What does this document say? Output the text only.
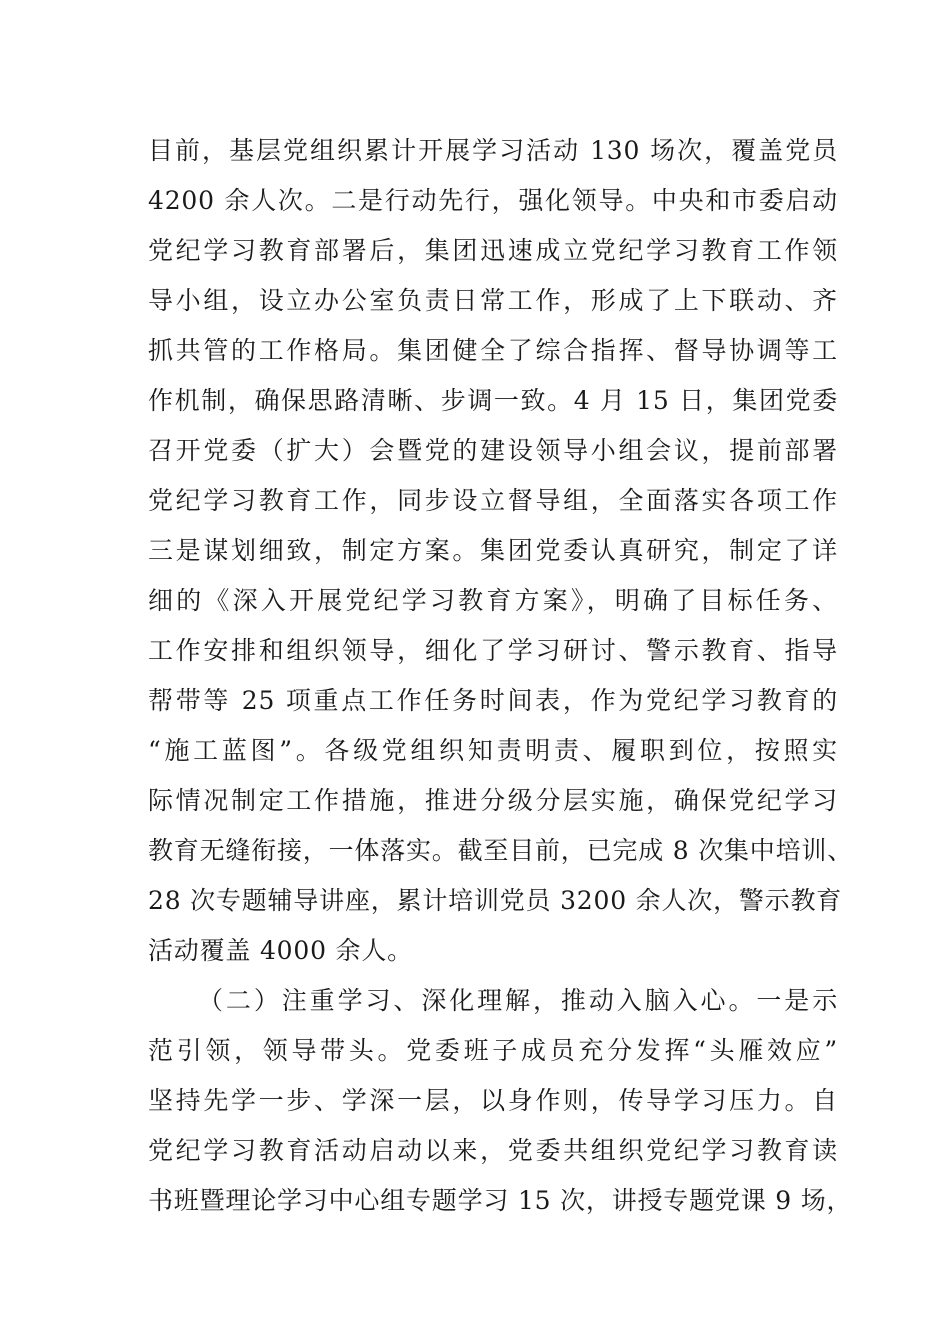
目前，基层党组织累计开展学习活动 130 场次，覆盖党员
4200 余人次。二是行动先行，强化领导。中央和市委启动
党纪学习教育部署后，集团迅速成立党纪学习教育工作领
导小组，设立办公室负责日常工作，形成了上下联动、齐
抓共管的工作格局。集团健全了综合指挥、督导协调等工
作机制，确保思路清晰、步调一致。4 月 15 日，集团党委
召开党委（扩大）会暨党的建设领导小组会议，提前部署
党纪学习教育工作，同步设立督导组，全面落实各项工作
三是谋划细致，制定方案。集团党委认真研究，制定了详
细的《深入开展党纪学习教育方案》，明确了目标任务、
工作安排和组织领导，细化了学习研讨、警示教育、指导
帮带等 25 项重点工作任务时间表，作为党纪学习教育的
“施工蓝图”。各级党组织知责明责、履职到位，按照实
际情况制定工作措施，推进分级分层实施，确保党纪学习
教育无缝衔接，一体落实。截至目前，已完成 8 次集中培训、
28 次专题辅导讲座，累计培训党员 3200 余人次，警示教育
活动覆盖 4000 余人。
（二）注重学习、深化理解，推动入脑入心。一是示
范引领，领导带头。党委班子成员充分发挥“头雁效应”
坚持先学一步、学深一层，以身作则，传导学习压力。自
党纪学习教育活动启动以来，党委共组织党纪学习教育读
书班暨理论学习中心组专题学习 15 次，讲授专题党课 9 场，
